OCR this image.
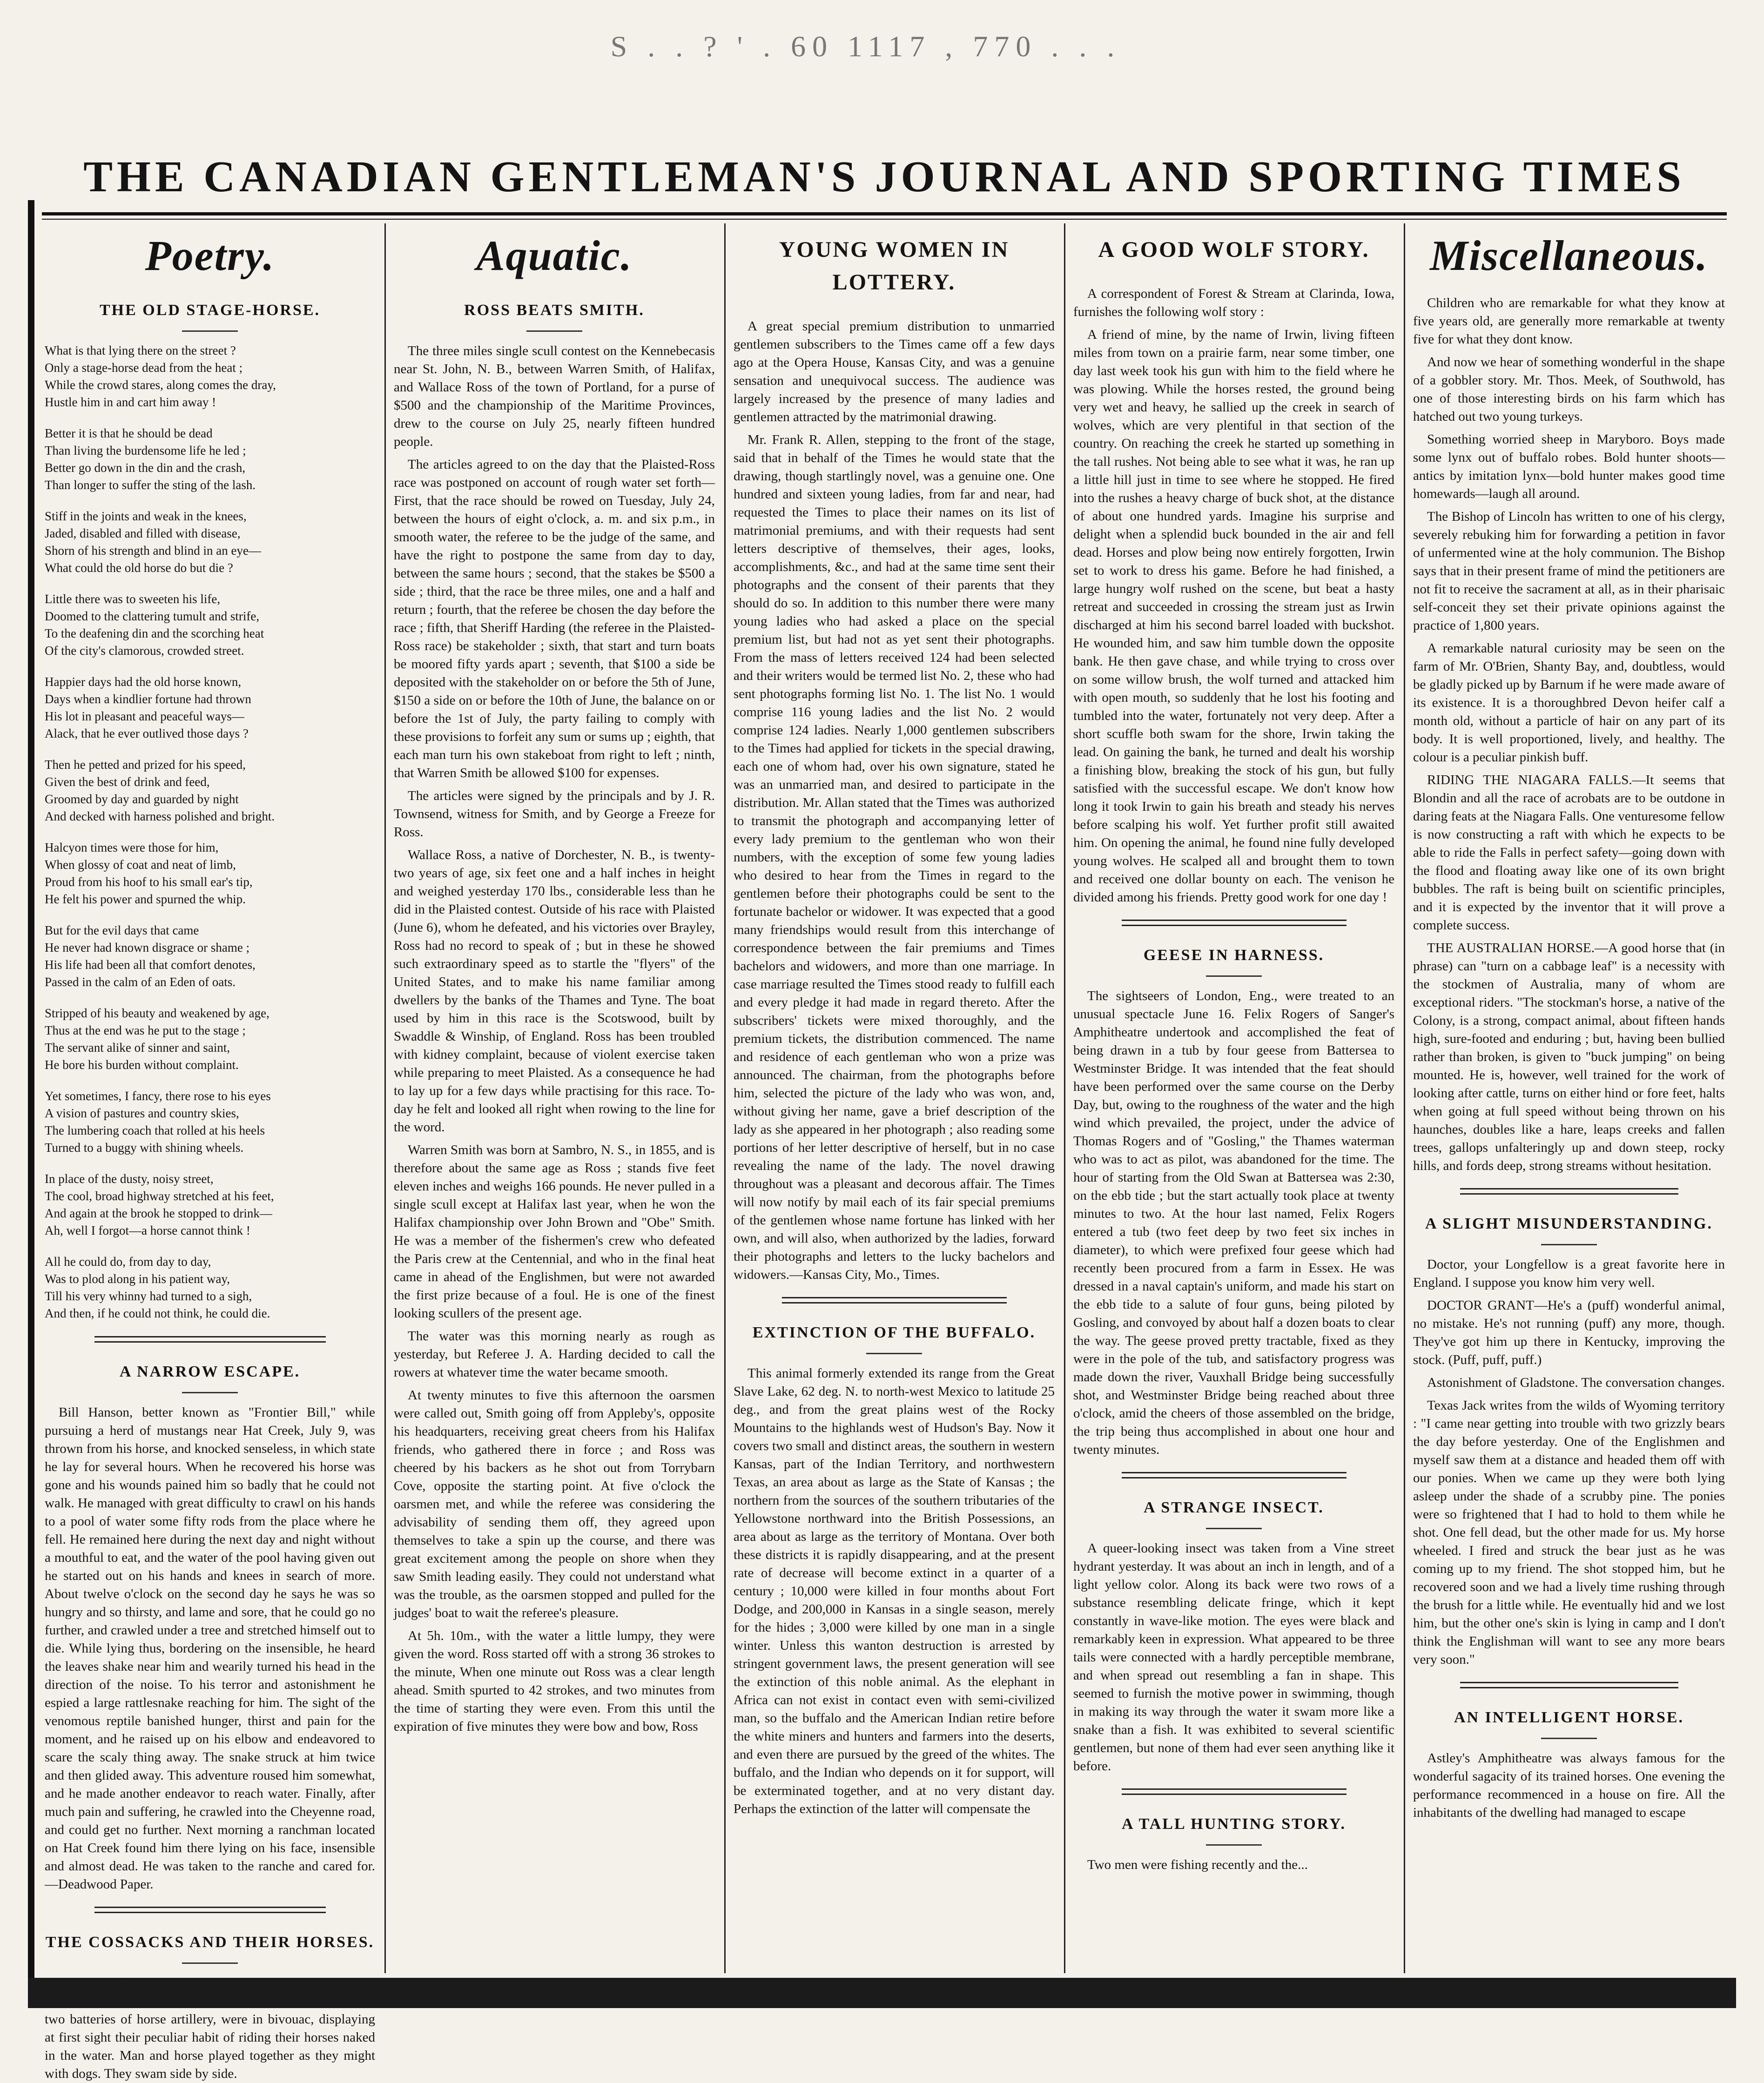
S . . ? ' . 60 1117 , 770 . . .
THE CANADIAN GENTLEMAN'S JOURNAL AND SPORTING TIMES
Poetry.
THE OLD STAGE-HORSE.

What is that lying there on the street ?

Only a stage-horse dead from the heat ;

While the crowd stares, along comes the dray,

Hustle him in and cart him away !

Better it is that he should be dead

Than living the burdensome life he led ;

Better go down in the din and the crash,

Than longer to suffer the sting of the lash.

Stiff in the joints and weak in the knees,

Jaded, disabled and filled with disease,

Shorn of his strength and blind in an eye—

What could the old horse do but die ?

Little there was to sweeten his life,

Doomed to the clattering tumult and strife,

To the deafening din and the scorching heat

Of the city's clamorous, crowded street.

Happier days had the old horse known,

Days when a kindlier fortune had thrown

His lot in pleasant and peaceful ways—

Alack, that he ever outlived those days ?

Then he petted and prized for his speed,

Given the best of drink and feed,

Groomed by day and guarded by night

And decked with harness polished and bright.

Halcyon times were those for him,

When glossy of coat and neat of limb,

Proud from his hoof to his small ear's tip,

He felt his power and spurned the whip.

But for the evil days that came

He never had known disgrace or shame ;

His life had been all that comfort denotes,

Passed in the calm of an Eden of oats.

Stripped of his beauty and weakened by age,

Thus at the end was he put to the stage ;

The servant alike of sinner and saint,

He bore his burden without complaint.

Yet sometimes, I fancy, there rose to his eyes

A vision of pastures and country skies,

The lumbering coach that rolled at his heels

Turned to a buggy with shining wheels.

In place of the dusty, noisy street,

The cool, broad highway stretched at his feet,

And again at the brook he stopped to drink—

Ah, well I forgot—a horse cannot think !

All he could do, from day to day,

Was to plod along in his patient way,

Till his very whinny had turned to a sigh,

And then, if he could not think, he could die.

A NARROW ESCAPE.

Bill Hanson, better known as "Frontier Bill," while pursuing a herd of mustangs near Hat Creek, July 9, was thrown from his horse, and knocked senseless, in which state he lay for several hours. When he recovered his horse was gone and his wounds pained him so badly that he could not walk. He managed with great difficulty to crawl on his hands to a pool of water some fifty rods from the place where he fell. He remained here during the next day and night without a mouthful to eat, and the water of the pool having given out he started out on his hands and knees in search of more. About twelve o'clock on the second day he says he was so hungry and so thirsty, and lame and sore, that he could go no further, and crawled under a tree and stretched himself out to die. While lying thus, bordering on the insensible, he heard the leaves shake near him and wearily turned his head in the direction of the noise. To his terror and astonishment he espied a large rattlesnake reaching for him. The sight of the venomous reptile banished hunger, thirst and pain for the moment, and he raised up on his elbow and endeavored to scare the scaly thing away. The snake struck at him twice and then glided away. This adventure roused him somewhat, and he made another endeavor to reach water. Finally, after much pain and suffering, he crawled into the Cheyenne road, and could get no further. Next morning a ranchman located on Hat Creek found him there lying on his face, insensible and almost dead. He was taken to the ranche and cared for.—Deadwood Paper.

THE COSSACKS AND THEIR HORSES.

two batteries of horse artillery, were in bivouac, displaying at first sight their peculiar habit of riding their horses naked in the water. Man and horse played together as they might with dogs. They swam side by side.

Aquatic.
ROSS BEATS SMITH.

The three miles single scull contest on the Kennebecasis near St. John, N. B., between Warren Smith, of Halifax, and Wallace Ross of the town of Portland, for a purse of $500 and the championship of the Maritime Provinces, drew to the course on July 25, nearly fifteen hundred people.

The articles agreed to on the day that the Plaisted-Ross race was postponed on account of rough water set forth—First, that the race should be rowed on Tuesday, July 24, between the hours of eight o'clock, a. m. and six p.m., in smooth water, the referee to be the judge of the same, and have the right to postpone the same from day to day, between the same hours ; second, that the stakes be $500 a side ; third, that the race be three miles, one and a half and return ; fourth, that the referee be chosen the day before the race ; fifth, that Sheriff Harding (the referee in the Plaisted-Ross race) be stakeholder ; sixth, that start and turn boats be moored fifty yards apart ; seventh, that $100 a side be deposited with the stakeholder on or before the 5th of June, $150 a side on or before the 10th of June, the balance on or before the 1st of July, the party failing to comply with these provisions to forfeit any sum or sums up ; eighth, that each man turn his own stakeboat from right to left ; ninth, that Warren Smith be allowed $100 for expenses.

The articles were signed by the principals and by J. R. Townsend, witness for Smith, and by George a Freeze for Ross.

Wallace Ross, a native of Dorchester, N. B., is twenty-two years of age, six feet one and a half inches in height and weighed yesterday 170 lbs., considerable less than he did in the Plaisted contest. Outside of his race with Plaisted (June 6), whom he defeated, and his victories over Brayley, Ross had no record to speak of ; but in these he showed such extraordinary speed as to startle the "flyers" of the United States, and to make his name familiar among dwellers by the banks of the Thames and Tyne. The boat used by him in this race is the Scotswood, built by Swaddle & Winship, of England. Ross has been troubled with kidney complaint, because of violent exercise taken while preparing to meet Plaisted. As a consequence he had to lay up for a few days while practising for this race. To-day he felt and looked all right when rowing to the line for the word.

Warren Smith was born at Sambro, N. S., in 1855, and is therefore about the same age as Ross ; stands five feet eleven inches and weighs 166 pounds. He never pulled in a single scull except at Halifax last year, when he won the Halifax championship over John Brown and "Obe" Smith. He was a member of the fishermen's crew who defeated the Paris crew at the Centennial, and who in the final heat came in ahead of the Englishmen, but were not awarded the first prize because of a foul. He is one of the finest looking scullers of the present age.

The water was this morning nearly as rough as yesterday, but Referee J. A. Harding decided to call the rowers at whatever time the water became smooth.

At twenty minutes to five this afternoon the oarsmen were called out, Smith going off from Appleby's, opposite his headquarters, receiving great cheers from his Halifax friends, who gathered there in force ; and Ross was cheered by his backers as he shot out from Torrybarn Cove, opposite the starting point. At five o'clock the oarsmen met, and while the referee was considering the advisability of sending them off, they agreed upon themselves to take a spin up the course, and there was great excitement among the people on shore when they saw Smith leading easily. They could not understand what was the trouble, as the oarsmen stopped and pulled for the judges' boat to wait the referee's pleasure.

At 5h. 10m., with the water a little lumpy, they were given the word. Ross started off with a strong 36 strokes to the minute, When one minute out Ross was a clear length ahead. Smith spurted to 42 strokes, and two minutes from the time of starting they were even. From this until the expiration of five minutes they were bow and bow, Ross

YOUNG WOMEN IN LOTTERY.

A great special premium distribution to unmarried gentlemen subscribers to the Times came off a few days ago at the Opera House, Kansas City, and was a genuine sensation and unequivocal success. The audience was largely increased by the presence of many ladies and gentlemen attracted by the matrimonial drawing.

Mr. Frank R. Allen, stepping to the front of the stage, said that in behalf of the Times he would state that the drawing, though startlingly novel, was a genuine one. One hundred and sixteen young ladies, from far and near, had requested the Times to place their names on its list of matrimonial premiums, and with their requests had sent letters descriptive of themselves, their ages, looks, accomplishments, &c., and had at the same time sent their photographs and the consent of their parents that they should do so. In addition to this number there were many young ladies who had asked a place on the special premium list, but had not as yet sent their photographs. From the mass of letters received 124 had been selected and their writers would be termed list No. 2, these who had sent photographs forming list No. 1. The list No. 1 would comprise 116 young ladies and the list No. 2 would comprise 124 ladies. Nearly 1,000 gentlemen subscribers to the Times had applied for tickets in the special drawing, each one of whom had, over his own signature, stated he was an unmarried man, and desired to participate in the distribution. Mr. Allan stated that the Times was authorized to transmit the photograph and accompanying letter of every lady premium to the gentleman who won their numbers, with the exception of some few young ladies who desired to hear from the Times in regard to the gentlemen before their photographs could be sent to the fortunate bachelor or widower. It was expected that a good many friendships would result from this interchange of correspondence between the fair premiums and Times bachelors and widowers, and more than one marriage. In case marriage resulted the Times stood ready to fulfill each and every pledge it had made in regard thereto. After the subscribers' tickets were mixed thoroughly, and the premium tickets, the distribution commenced. The name and residence of each gentleman who won a prize was announced. The chairman, from the photographs before him, selected the picture of the lady who was won, and, without giving her name, gave a brief description of the lady as she appeared in her photograph ; also reading some portions of her letter descriptive of herself, but in no case revealing the name of the lady. The novel drawing throughout was a pleasant and decorous affair. The Times will now notify by mail each of its fair special premiums of the gentlemen whose name fortune has linked with her own, and will also, when authorized by the ladies, forward their photographs and letters to the lucky bachelors and widowers.—Kansas City, Mo., Times.

EXTINCTION OF THE BUFFALO.

This animal formerly extended its range from the Great Slave Lake, 62 deg. N. to north-west Mexico to latitude 25 deg., and from the great plains west of the Rocky Mountains to the highlands west of Hudson's Bay. Now it covers two small and distinct areas, the southern in western Kansas, part of the Indian Territory, and northwestern Texas, an area about as large as the State of Kansas ; the northern from the sources of the southern tributaries of the Yellowstone northward into the British Possessions, an area about as large as the territory of Montana. Over both these districts it is rapidly disappearing, and at the present rate of decrease will become extinct in a quarter of a century ; 10,000 were killed in four months about Fort Dodge, and 200,000 in Kansas in a single season, merely for the hides ; 3,000 were killed by one man in a single winter. Unless this wanton destruction is arrested by stringent government laws, the present generation will see the extinction of this noble animal. As the elephant in Africa can not exist in contact even with semi-civilized man, so the buffalo and the American Indian retire before the white miners and hunters and farmers into the deserts, and even there are pursued by the greed of the whites. The buffalo, and the Indian who depends on it for support, will be exterminated together, and at no very distant day. Perhaps the extinction of the latter will compensate the

A GOOD WOLF STORY.

A correspondent of Forest & Stream at Clarinda, Iowa, furnishes the following wolf story :

A friend of mine, by the name of Irwin, living fifteen miles from town on a prairie farm, near some timber, one day last week took his gun with him to the field where he was plowing. While the horses rested, the ground being very wet and heavy, he sallied up the creek in search of wolves, which are very plentiful in that section of the country. On reaching the creek he started up something in the tall rushes. Not being able to see what it was, he ran up a little hill just in time to see where he stopped. He fired into the rushes a heavy charge of buck shot, at the distance of about one hundred yards. Imagine his surprise and delight when a splendid buck bounded in the air and fell dead. Horses and plow being now entirely forgotten, Irwin set to work to dress his game. Before he had finished, a large hungry wolf rushed on the scene, but beat a hasty retreat and succeeded in crossing the stream just as Irwin discharged at him his second barrel loaded with buckshot. He wounded him, and saw him tumble down the opposite bank. He then gave chase, and while trying to cross over on some willow brush, the wolf turned and attacked him with open mouth, so suddenly that he lost his footing and tumbled into the water, fortunately not very deep. After a short scuffle both swam for the shore, Irwin taking the lead. On gaining the bank, he turned and dealt his worship a finishing blow, breaking the stock of his gun, but fully satisfied with the successful escape. We don't know how long it took Irwin to gain his breath and steady his nerves before scalping his wolf. Yet further profit still awaited him. On opening the animal, he found nine fully developed young wolves. He scalped all and brought them to town and received one dollar bounty on each. The venison he divided among his friends. Pretty good work for one day !

GEESE IN HARNESS.

The sightseers of London, Eng., were treated to an unusual spectacle June 16. Felix Rogers of Sanger's Amphitheatre undertook and accomplished the feat of being drawn in a tub by four geese from Battersea to Westminster Bridge. It was intended that the feat should have been performed over the same course on the Derby Day, but, owing to the roughness of the water and the high wind which prevailed, the project, under the advice of Thomas Rogers and of "Gosling," the Thames waterman who was to act as pilot, was abandoned for the time. The hour of starting from the Old Swan at Battersea was 2:30, on the ebb tide ; but the start actually took place at twenty minutes to two. At the hour last named, Felix Rogers entered a tub (two feet deep by two feet six inches in diameter), to which were prefixed four geese which had recently been procured from a farm in Essex. He was dressed in a naval captain's uniform, and made his start on the ebb tide to a salute of four guns, being piloted by Gosling, and convoyed by about half a dozen boats to clear the way. The geese proved pretty tractable, fixed as they were in the pole of the tub, and satisfactory progress was made down the river, Vauxhall Bridge being successfully shot, and Westminster Bridge being reached about three o'clock, amid the cheers of those assembled on the bridge, the trip being thus accomplished in about one hour and twenty minutes.

A STRANGE INSECT.

A queer-looking insect was taken from a Vine street hydrant yesterday. It was about an inch in length, and of a light yellow color. Along its back were two rows of a substance resembling delicate fringe, which it kept constantly in wave-like motion. The eyes were black and remarkably keen in expression. What appeared to be three tails were connected with a hardly perceptible membrane, and when spread out resembling a fan in shape. This seemed to furnish the motive power in swimming, though in making its way through the water it swam more like a snake than a fish. It was exhibited to several scientific gentlemen, but none of them had ever seen anything like it before.

A TALL HUNTING STORY.

Two men were fishing recently and the...

Miscellaneous.

Children who are remarkable for what they know at five years old, are generally more remarkable at twenty five for what they dont know.

And now we hear of something wonderful in the shape of a gobbler story. Mr. Thos. Meek, of Southwold, has one of those interesting birds on his farm which has hatched out two young turkeys.

Something worried sheep in Maryboro. Boys made some lynx out of buffalo robes. Bold hunter shoots—antics by imitation lynx—bold hunter makes good time homewards—laugh all around.

The Bishop of Lincoln has written to one of his clergy, severely rebuking him for forwarding a petition in favor of unfermented wine at the holy communion. The Bishop says that in their present frame of mind the petitioners are not fit to receive the sacrament at all, as in their pharisaic self-conceit they set their private opinions against the practice of 1,800 years.

A remarkable natural curiosity may be seen on the farm of Mr. O'Brien, Shanty Bay, and, doubtless, would be gladly picked up by Barnum if he were made aware of its existence. It is a thoroughbred Devon heifer calf a month old, without a particle of hair on any part of its body. It is well proportioned, lively, and healthy. The colour is a peculiar pinkish buff.

RIDING THE NIAGARA FALLS.—It seems that Blondin and all the race of acrobats are to be outdone in daring feats at the Niagara Falls. One venturesome fellow is now constructing a raft with which he expects to be able to ride the Falls in perfect safety—going down with the flood and floating away like one of its own bright bubbles. The raft is being built on scientific principles, and it is expected by the inventor that it will prove a complete success.

THE AUSTRALIAN HORSE.—A good horse that (in phrase) can "turn on a cabbage leaf" is a necessity with the stockmen of Australia, many of whom are exceptional riders. "The stockman's horse, a native of the Colony, is a strong, compact animal, about fifteen hands high, sure-footed and enduring ; but, having been bullied rather than broken, is given to "buck jumping" on being mounted. He is, however, well trained for the work of looking after cattle, turns on either hind or fore feet, halts when going at full speed without being thrown on his haunches, doubles like a hare, leaps creeks and fallen trees, gallops unfalteringly up and down steep, rocky hills, and fords deep, strong streams without hesitation.

A SLIGHT MISUNDERSTANDING.

Doctor, your Longfellow is a great favorite here in England. I suppose you know him very well.

DOCTOR GRANT—He's a (puff) wonderful animal, no mistake. He's not running (puff) any more, though. They've got him up there in Kentucky, improving the stock. (Puff, puff, puff.)

Astonishment of Gladstone. The conversation changes.

Texas Jack writes from the wilds of Wyoming territory : "I came near getting into trouble with two grizzly bears the day before yesterday. One of the Englishmen and myself saw them at a distance and headed them off with our ponies. When we came up they were both lying asleep under the shade of a scrubby pine. The ponies were so frightened that I had to hold to them while he shot. One fell dead, but the other made for us. My horse wheeled. I fired and struck the bear just as he was coming up to my friend. The shot stopped him, but he recovered soon and we had a lively time rushing through the brush for a little while. He eventually hid and we lost him, but the other one's skin is lying in camp and I don't think the Englishman will want to see any more bears very soon."

AN INTELLIGENT HORSE.

Astley's Amphitheatre was always famous for the wonderful sagacity of its trained horses. One evening the performance recommenced in a house on fire. All the inhabitants of the dwelling had managed to escape
